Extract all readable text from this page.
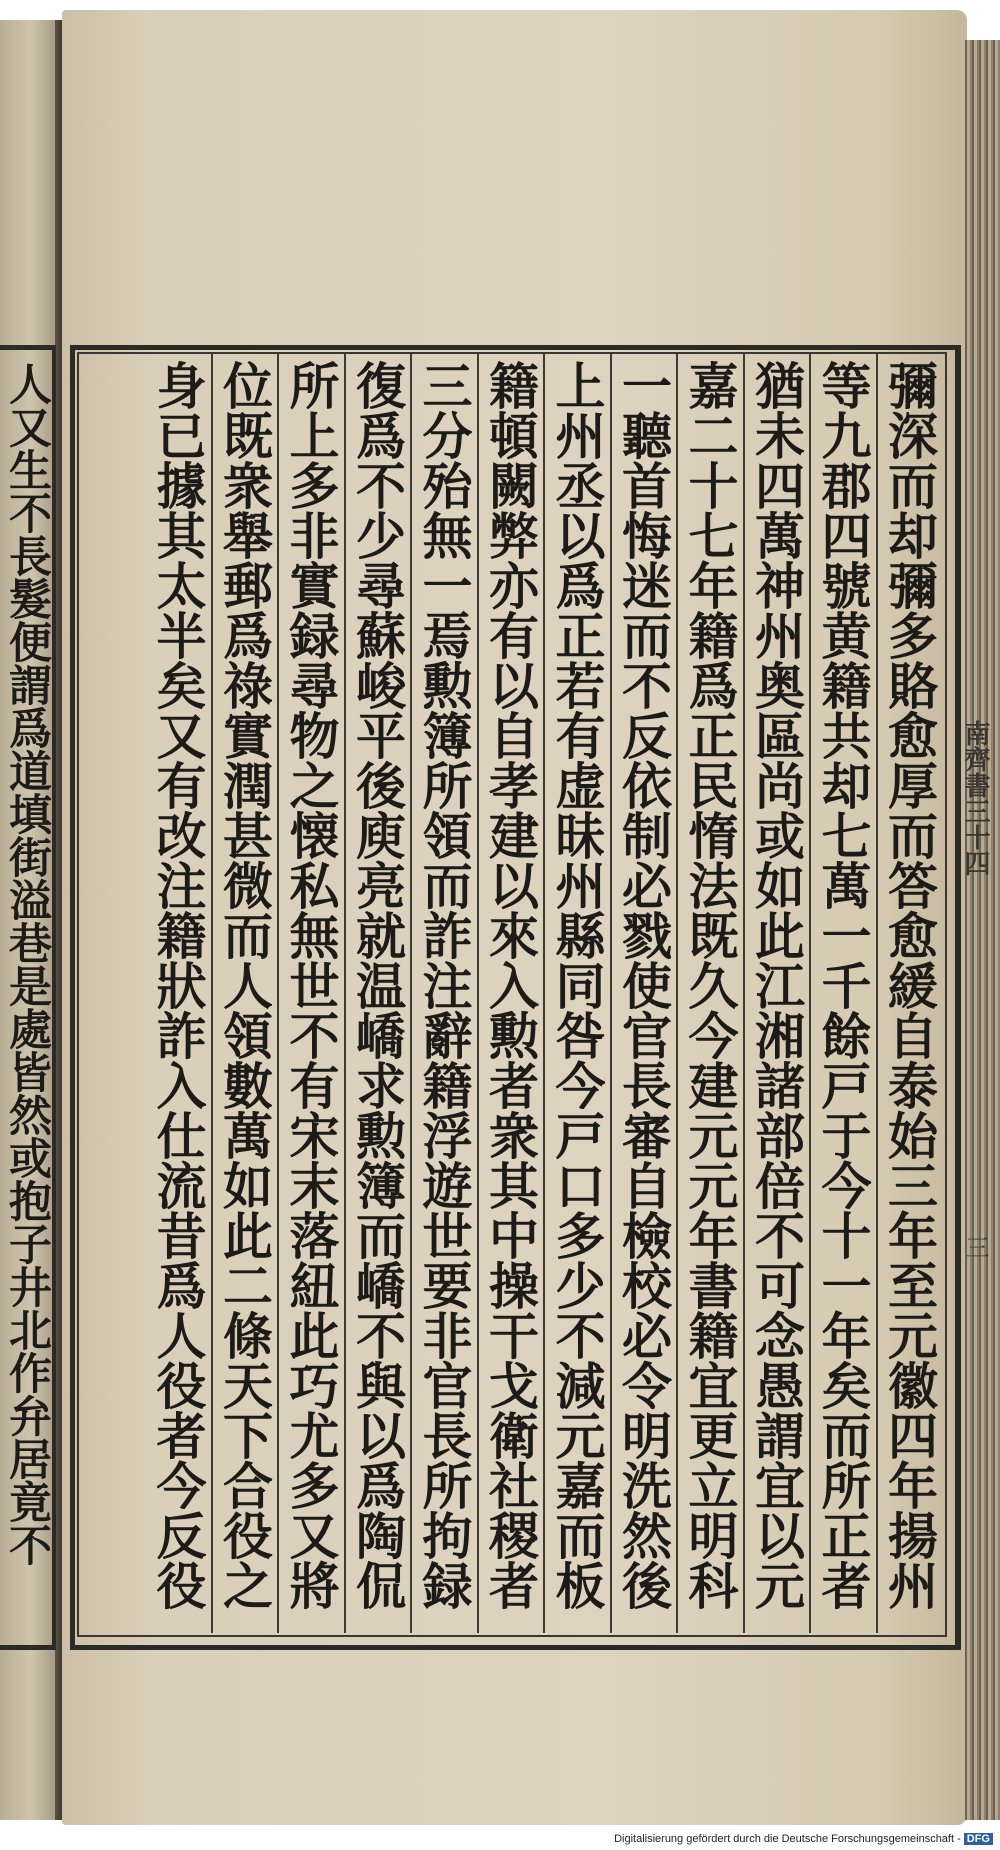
人又生不長髮便謂爲道填街溢巷是處皆然或抱子井北作弁居竟不	彌深而却彌多賂愈厚而答愈緩自泰始三年至元徽四年揚州
等九郡四號黄籍共却七萬一千餘戸于今十一年矣而所正者
猶未四萬神州奥區尚或如此江湘諸部倍不可念愚謂宜以元
嘉二十七年籍爲正民惰法既久今建元元年書籍宜更立明科
一聽首悔迷而不反依制必戮使官長審自檢校必令明洗然後
上州丞以爲正若有虚昧州縣同咎今戸口多少不減元嘉而板
籍頓闕弊亦有以自孝建以來入勲者衆其中操干戈衛社稷者
三分殆無一焉勲簿所領而詐注辭籍浮遊世要非官長所拘録
復爲不少尋蘇峻平後庾亮就温嶠求勲簿而嶠不與以爲陶侃
所上多非實録尋物之懐私無世不有宋末落紐此巧尤多又將
位既衆舉郵爲祿實潤甚微而人領數萬如此二條天下合役之
身已據其太半矣又有改注籍狀詐入仕流昔爲人役者今反役	南齊書三十四
三
Digitalisierung gefördert durch die Deutsche Forschungsgemeinschaft - DFG
